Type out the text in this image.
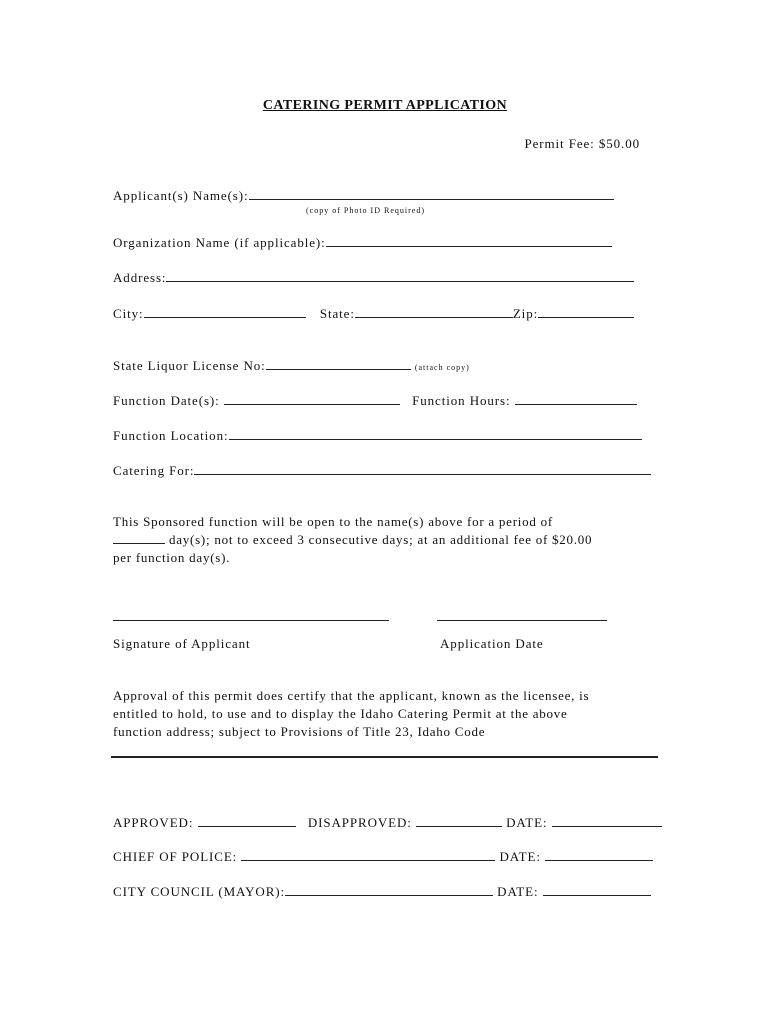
CATERING PERMIT APPLICATION
Permit Fee: $50.00
Applicant(s) Name(s):
(copy of Photo ID Required)
Organization Name (if applicable):
Address:
City:	State:	Zip:
State Liquor License No:	(attach copy)
Function Date(s):	Function Hours:
Function Location:
Catering For:
This Sponsored function will be open to the name(s) above for a period of
day(s); not to exceed 3 consecutive days; at an additional fee of $20.00
per function day(s).
Signature of Applicant	Application Date
Approval of this permit does certify that the applicant, known as the licensee, is
entitled to hold, to use and to display the Idaho Catering Permit at the above
function address; subject to Provisions of Title 23, Idaho Code
APPROVED:	DISAPPROVED:	DATE:
CHIEF OF POLICE:	DATE:
CITY COUNCIL (MAYOR):	DATE:
